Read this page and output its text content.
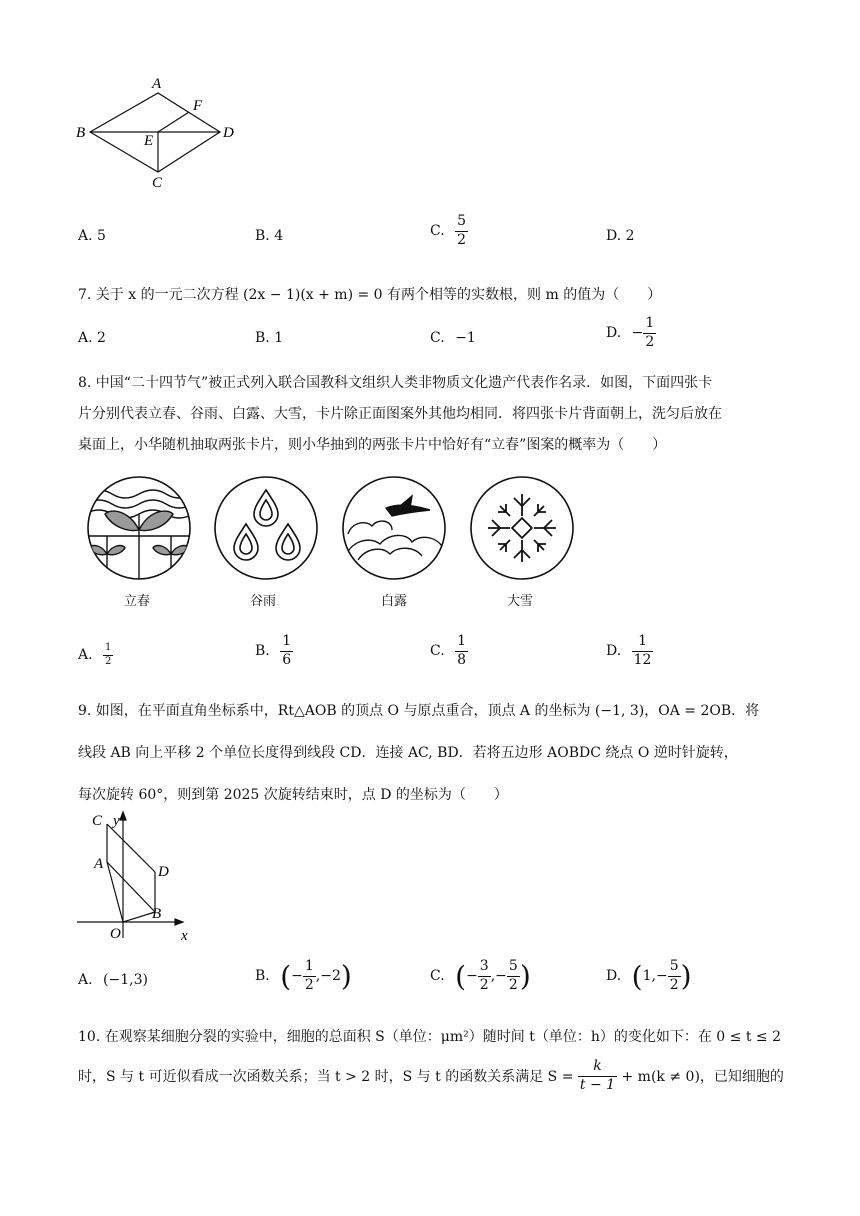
A
F
B	E	D
C
A. 5	B. 4	C. $\frac{5}{2}$	D. 2
7. 关于 x 的一元二次方程 (2x − 1)(x + m) = 0 有两个相等的实数根，则 m 的值为（　　）
A. 2	B. 1	C. −1	D. − $\frac{1}{2}$
8. 中国“二十四节气”被正式列入联合国教科文组织人类非物质文化遗产代表作名录．如图，下面四张卡
片分别代表立春、谷雨、白露、大雪，卡片除正面图案外其他均相同．将四张卡片背面朝上，洗匀后放在
桌面上，小华随机抽取两张卡片，则小华抽到的两张卡片中恰好有“立春”图案的概率为（　　）
立春	谷雨	白露	大雪
A. $\frac{1}{2}$	B. $\frac{1}{6}$	C. $\frac{1}{8}$	D. $\frac{1}{12}$
9. 如图，在平面直角坐标系中，Rt△AOB 的顶点 O 与原点重合，顶点 A 的坐标为 (−1, 3)，OA = 2OB．将
线段 AB 向上平移 2 个单位长度得到线段 CD．连接 AC, BD．若将五边形 AOBDC 绕点 O 逆时针旋转，
每次旋转 60°，则到第 2025 次旋转结束时，点 D 的坐标为（　　）
C y
A	D
B
O	x
A. (−1,3)	B. (− $\frac{1}{2} ,-2$)	C. (− $\frac{3}{2}$ ,− $\frac{5}{2}$ )	D. ($1,- \frac{5}{2}$ )
10. 在观察某细胞分裂的实验中，细胞的总面积 S（单位：μm²）随时间 t（单位：h）的变化如下：在 0 ≤ t ≤ 2
时，S 与 t 可近似看成一次函数关系；当 t > 2 时，S 与 t 的函数关系满足 $S = \frac{k}{t - 1} + m(k \ne 0)$，已知细胞的
